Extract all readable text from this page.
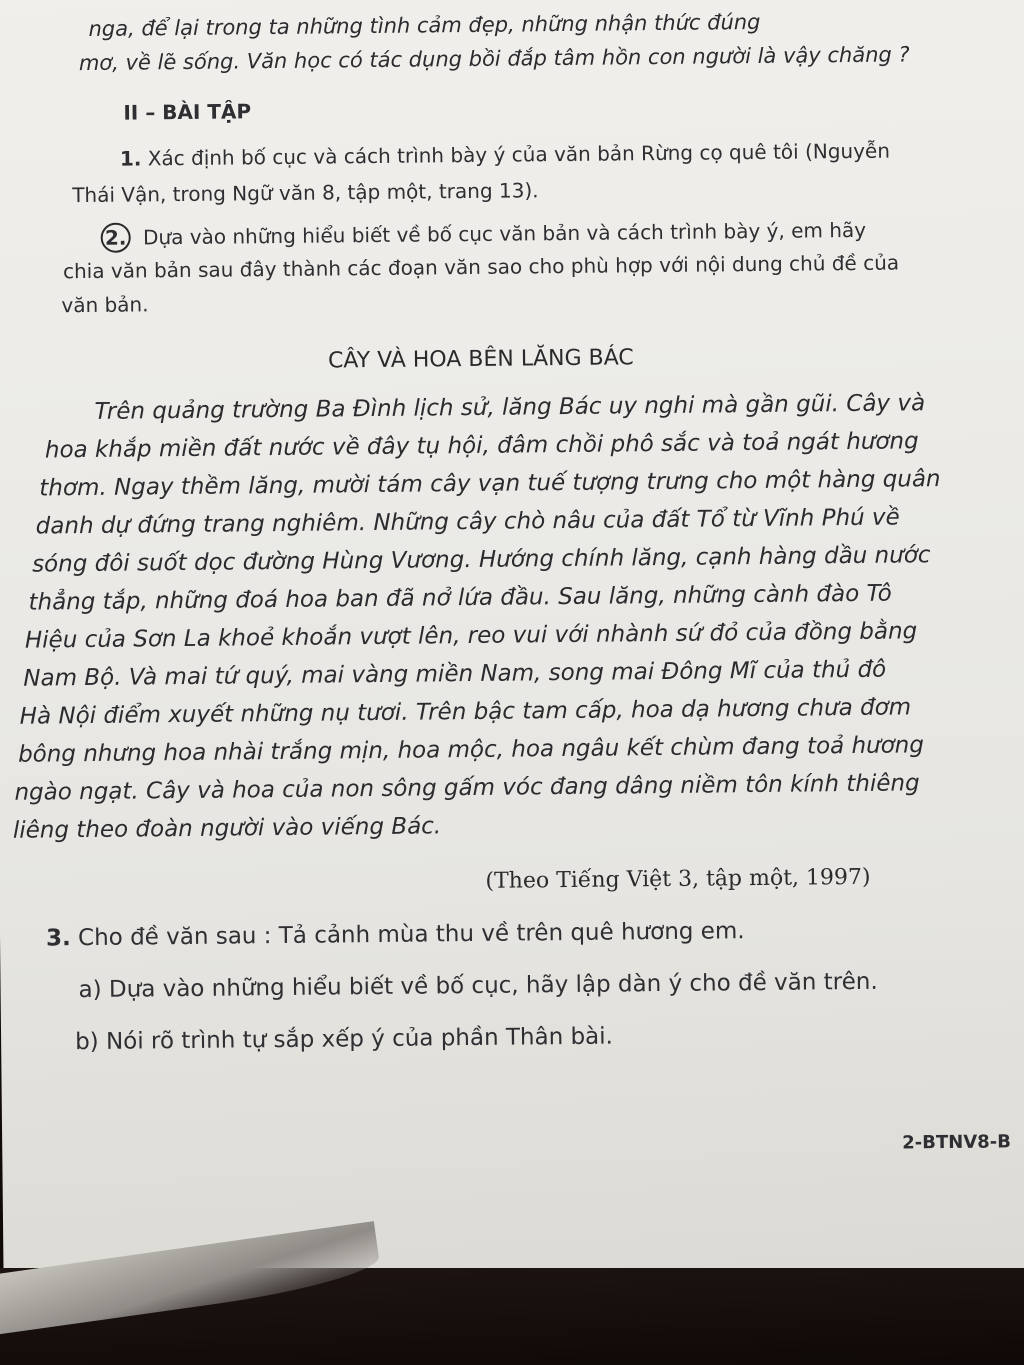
nga, để lại trong ta những tình cảm đẹp, những nhận thức đúng
mơ, về lẽ sống. Văn học có tác dụng bồi đắp tâm hồn con người là vậy chăng ?
II – BÀI TẬP
1. Xác định bố cục và cách trình bày ý của văn bản Rừng cọ quê tôi (Nguyễn
Thái Vận, trong Ngữ văn 8, tập một, trang 13).
2. Dựa vào những hiểu biết về bố cục văn bản và cách trình bày ý, em hãy
chia văn bản sau đây thành các đoạn văn sao cho phù hợp với nội dung chủ đề của
văn bản.
CÂY VÀ HOA BÊN LĂNG BÁC
Trên quảng trường Ba Đình lịch sử, lăng Bác uy nghi mà gần gũi. Cây và
hoa khắp miền đất nước về đây tụ hội, đâm chồi phô sắc và toả ngát hương
thơm. Ngay thềm lăng, mười tám cây vạn tuế tượng trưng cho một hàng quân
danh dự đứng trang nghiêm. Những cây chò nâu của đất Tổ từ Vĩnh Phú về
sóng đôi suốt dọc đường Hùng Vương. Hướng chính lăng, cạnh hàng dầu nước
thẳng tắp, những đoá hoa ban đã nở lứa đầu. Sau lăng, những cành đào Tô
Hiệu của Sơn La khoẻ khoắn vượt lên, reo vui với nhành sứ đỏ của đồng bằng
Nam Bộ. Và mai tứ quý, mai vàng miền Nam, song mai Đông Mĩ của thủ đô
Hà Nội điểm xuyết những nụ tươi. Trên bậc tam cấp, hoa dạ hương chưa đơm
bông nhưng hoa nhài trắng mịn, hoa mộc, hoa ngâu kết chùm đang toả hương
ngào ngạt. Cây và hoa của non sông gấm vóc đang dâng niềm tôn kính thiêng
liêng theo đoàn người vào viếng Bác.
(Theo Tiếng Việt 3, tập một, 1997)
3. Cho đề văn sau : Tả cảnh mùa thu về trên quê hương em.
a) Dựa vào những hiểu biết về bố cục, hãy lập dàn ý cho đề văn trên.
b) Nói rõ trình tự sắp xếp ý của phần Thân bài.
2-BTNV8-B
